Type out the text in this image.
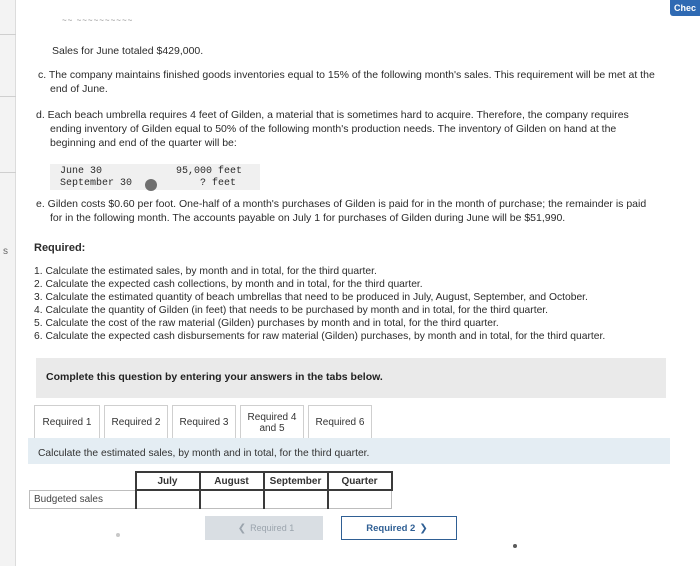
s
Chec
~~ ~~~~~~~~~~
Sales for June totaled $429,000.
c. The company maintains finished goods inventories equal to 15% of the following month's sales. This requirement will be met at the
end of June.
d. Each beach umbrella requires 4 feet of Gilden, a material that is sometimes hard to acquire. Therefore, the company requires
ending inventory of Gilden equal to 50% of the following month's production needs. The inventory of Gilden on hand at the
beginning and end of the quarter will be:
June 30	95,000 feet
September 30	? feet
e. Gilden costs $0.60 per foot. One-half of a month's purchases of Gilden is paid for in the month of purchase; the remainder is paid
for in the following month. The accounts payable on July 1 for purchases of Gilden during June will be $51,990.
Required:
1. Calculate the estimated sales, by month and in total, for the third quarter.
2. Calculate the expected cash collections, by month and in total, for the third quarter.
3. Calculate the estimated quantity of beach umbrellas that need to be produced in July, August, September, and October.
4. Calculate the quantity of Gilden (in feet) that needs to be purchased by month and in total, for the third quarter.
5. Calculate the cost of the raw material (Gilden) purchases by month and in total, for the third quarter.
6. Calculate the expected cash disbursements for raw material (Gilden) purchases, by month and in total, for the third quarter.
Complete this question by entering your answers in the tabs below.
Required 1 Required 2 Required 3 Required 4
and 5	Required 6
Calculate the estimated sales, by month and in total, for the third quarter.
	July	August	September	Quarter
Budgeted sales				
❮ Required 1	Required 2 ❯
